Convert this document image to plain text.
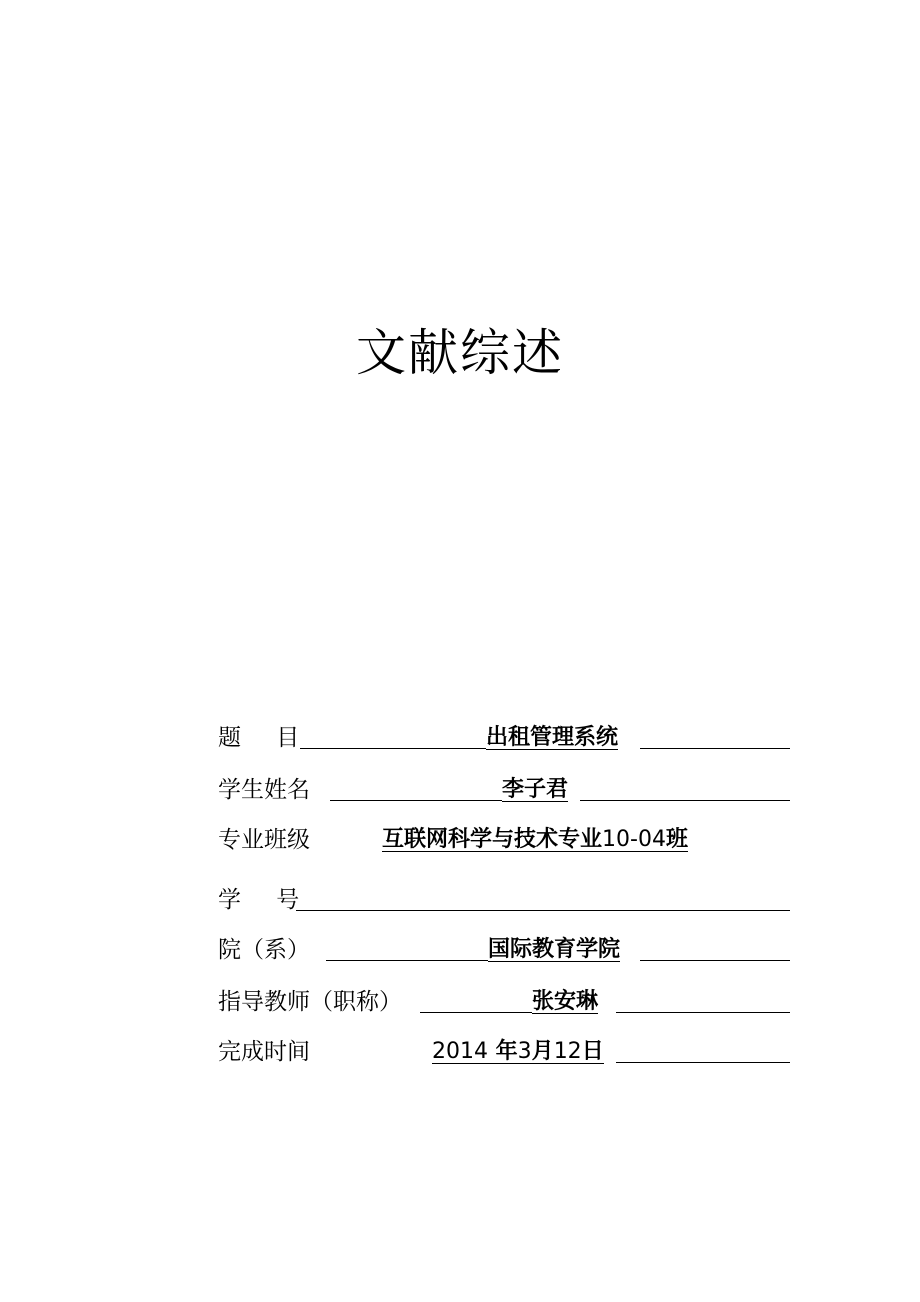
文献综述
题 目	出租管理系统
学生姓名	李子君
专业班级	互联网科学与技术专业10-04班
学 号
院（系）	国际教育学院
指导教师（职称）	张安琳
完成时间	2014 年3月12日
